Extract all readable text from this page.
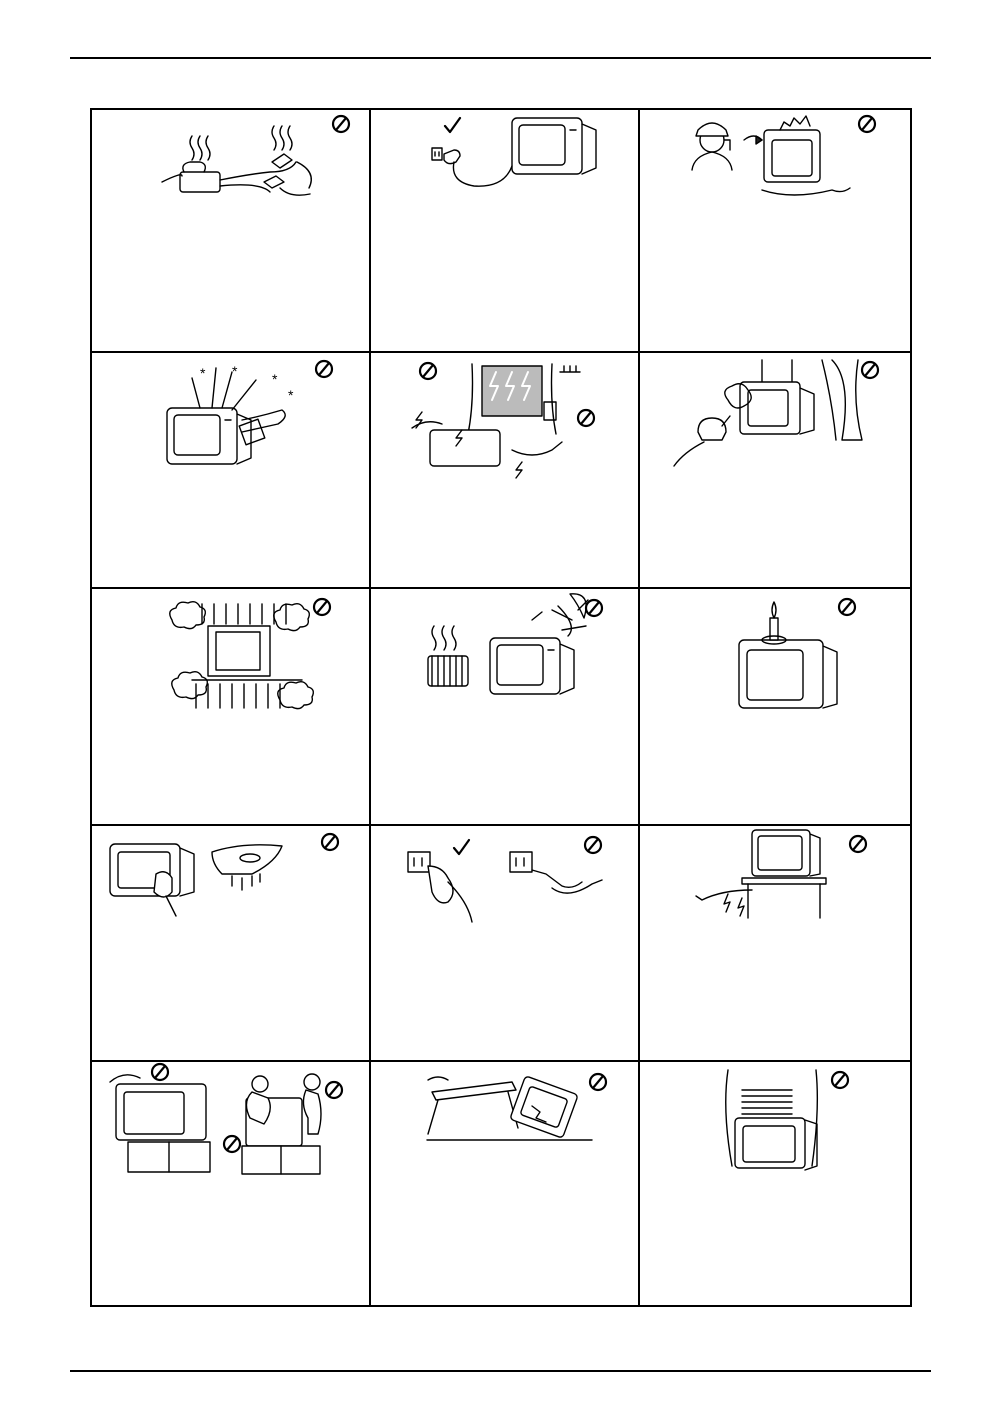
* * *
*
